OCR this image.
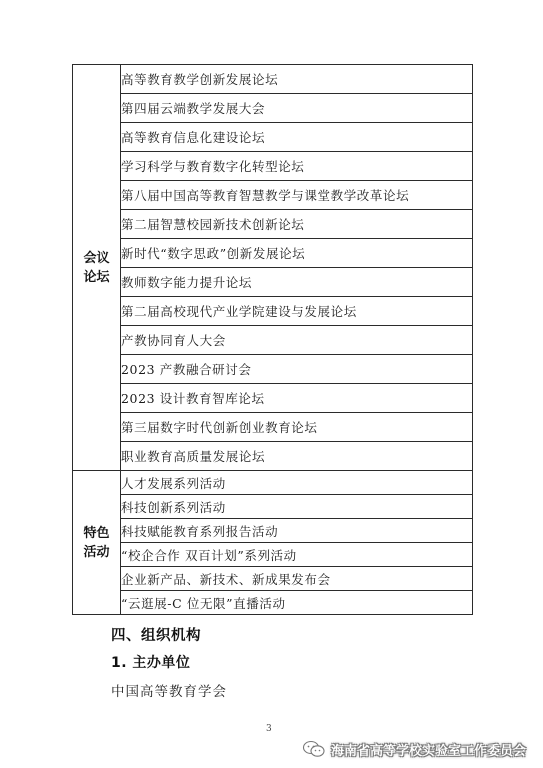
会议
论坛	高等教育教学创新发展论坛
	第四届云端教学发展大会
	高等教育信息化建设论坛
	学习科学与教育数字化转型论坛
	第八届中国高等教育智慧教学与课堂教学改革论坛
	第二届智慧校园新技术创新论坛
	新时代“数字思政”创新发展论坛
	教师数字能力提升论坛
	第二届高校现代产业学院建设与发展论坛
	产教协同育人大会
	2023 产教融合研讨会
	2023 设计教育智库论坛
	第三届数字时代创新创业教育论坛
	职业教育高质量发展论坛

特色
活动	人才发展系列活动
	科技创新系列活动
	科技赋能教育系列报告活动
	“校企合作 双百计划”系列活动
	企业新产品、新技术、新成果发布会
	“云逛展-C 位无限”直播活动
四、组织机构
1. 主办单位
中国高等教育学会
3
海南省高等学校实验室工作委员会
